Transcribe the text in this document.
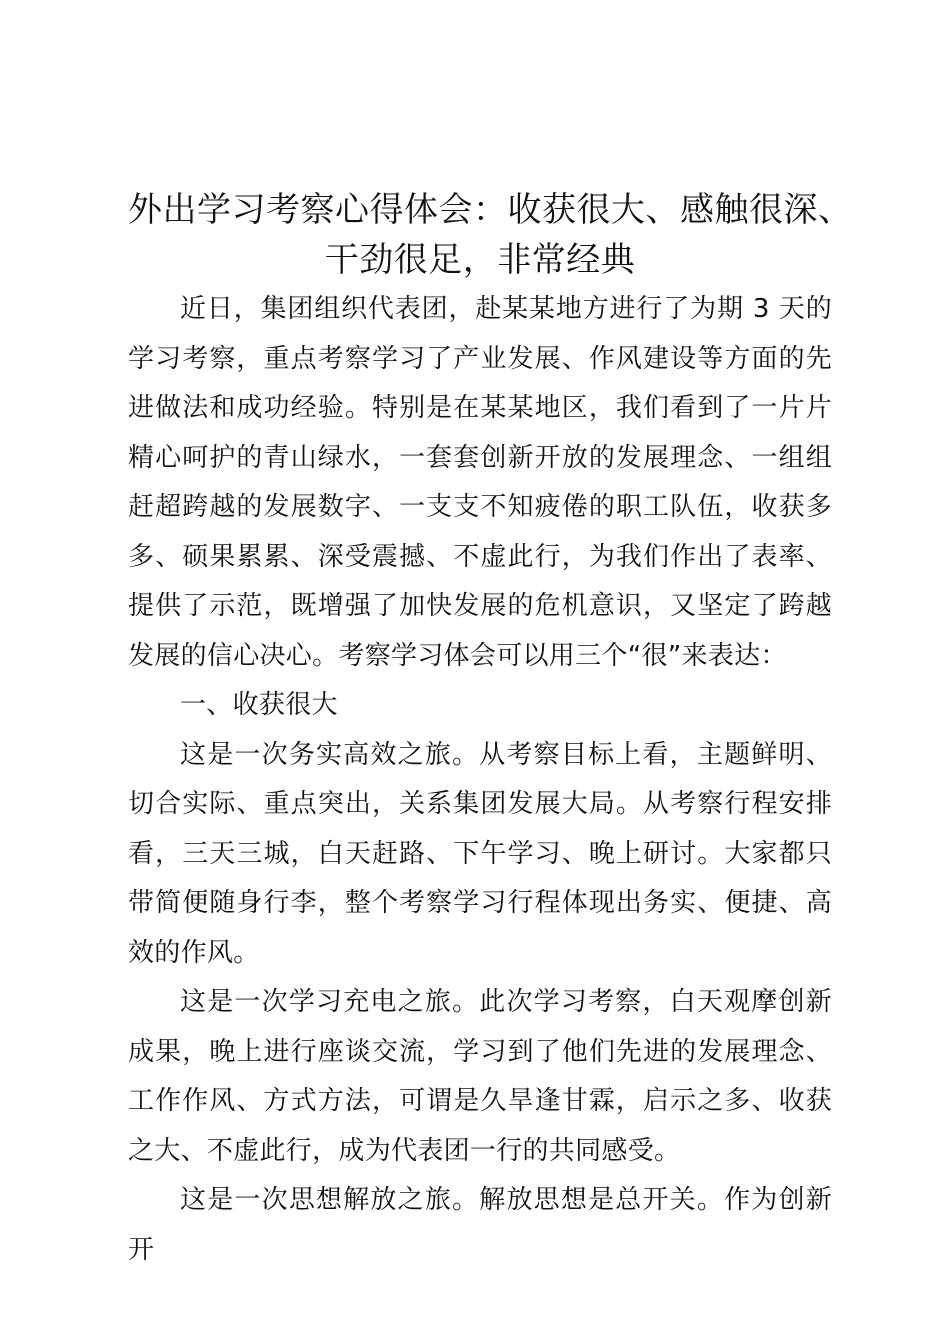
外出学习考察心得体会：收获很大、感触很深、
干劲很足，非常经典

近日，集团组织代表团，赴某某地方进行了为期 3 天的学习考察，重点考察学习了产业发展、作风建设等方面的先进做法和成功经验。特别是在某某地区，我们看到了一片片精心呵护的青山绿水，一套套创新开放的发展理念、一组组赶超跨越的发展数字、一支支不知疲倦的职工队伍，收获多多、硕果累累、深受震撼、不虚此行，为我们作出了表率、提供了示范，既增强了加快发展的危机意识，又坚定了跨越发展的信心决心。考察学习体会可以用三个“很”来表达：

一、收获很大

这是一次务实高效之旅。从考察目标上看，主题鲜明、切合实际、重点突出，关系集团发展大局。从考察行程安排看，三天三城，白天赶路、下午学习、晚上研讨。大家都只带简便随身行李，整个考察学习行程体现出务实、便捷、高效的作风。

这是一次学习充电之旅。此次学习考察，白天观摩创新成果，晚上进行座谈交流，学习到了他们先进的发展理念、工作作风、方式方法，可谓是久旱逢甘霖，启示之多、收获之大、不虚此行，成为代表团一行的共同感受。

这是一次思想解放之旅。解放思想是总开关。作为创新开
